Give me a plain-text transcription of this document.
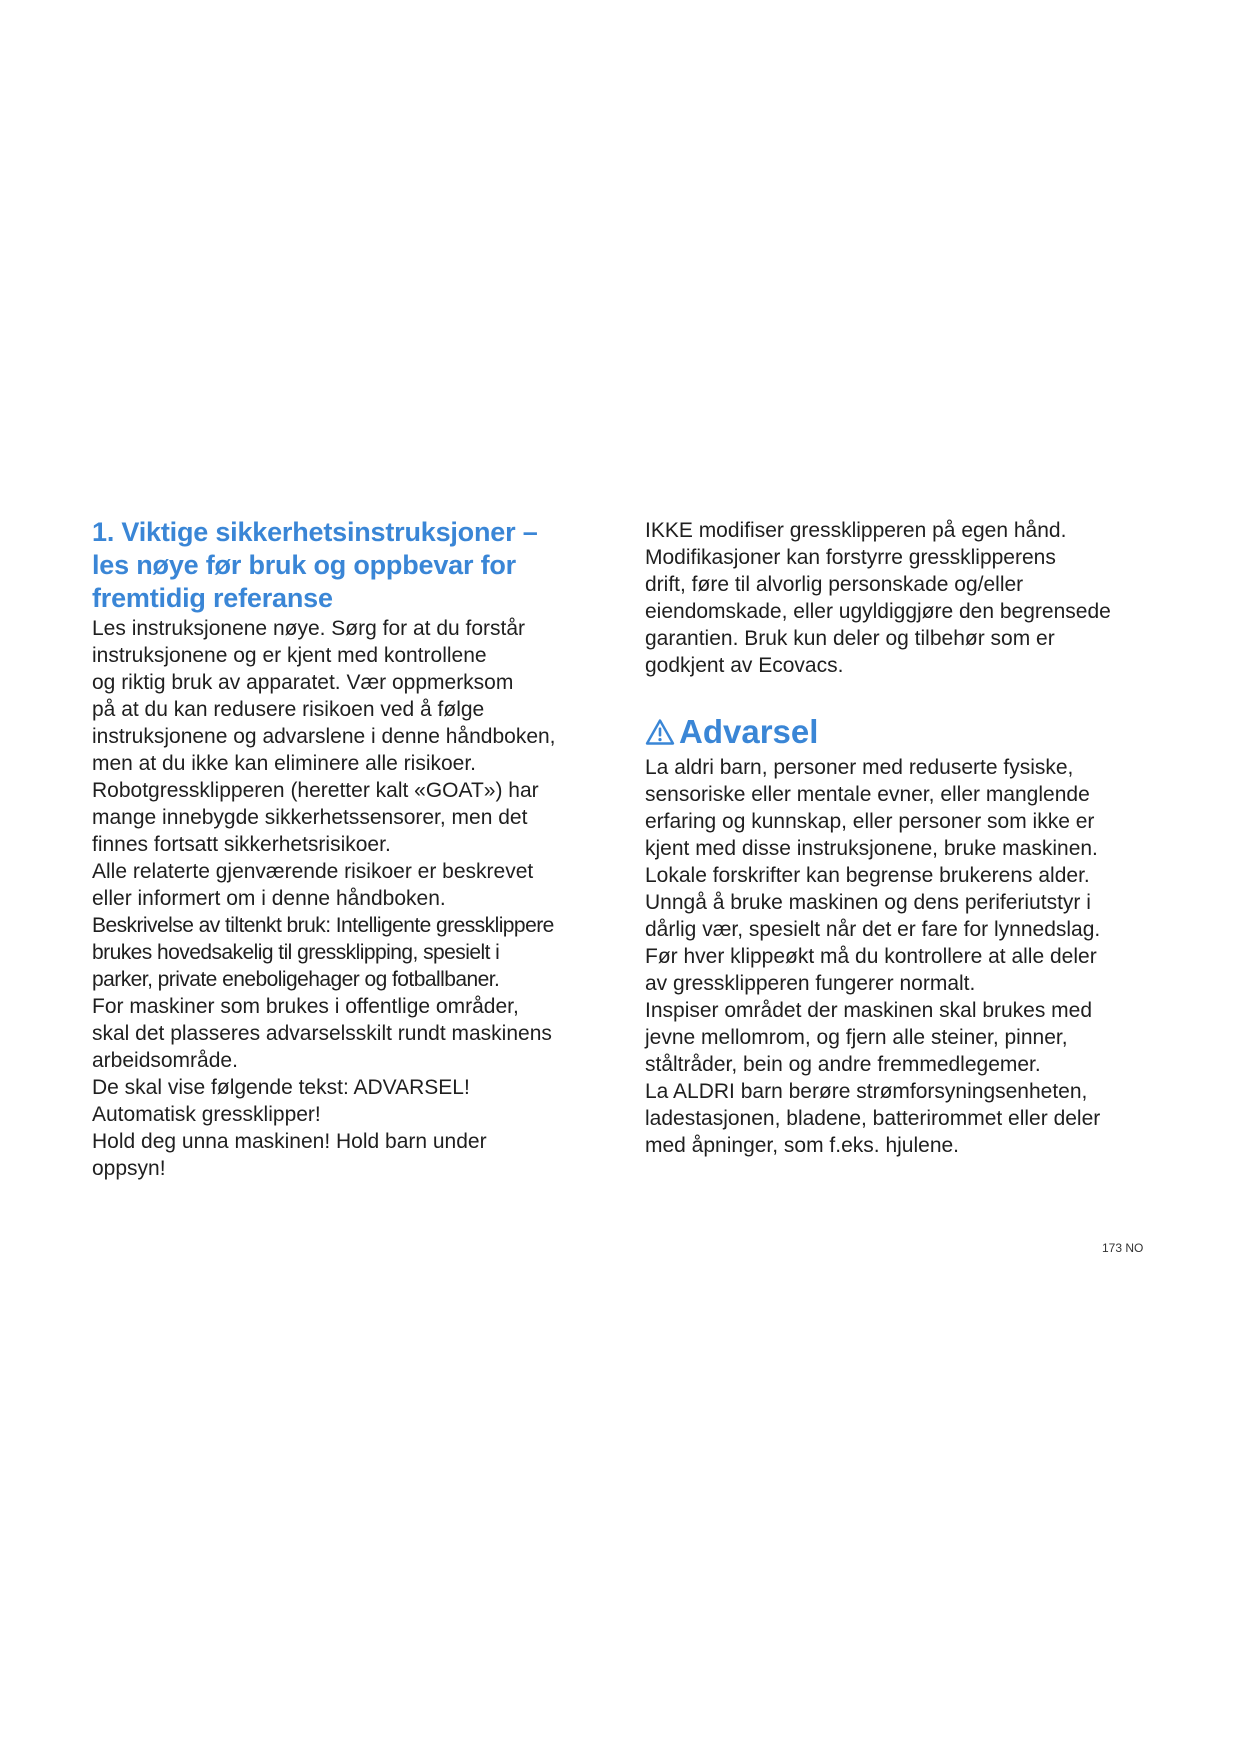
1. Viktige sikkerhetsinstruksjoner –
les nøye før bruk og oppbevar for
fremtidig referanse

Les instruksjonene nøye. Sørg for at du forstår
instruksjonene og er kjent med kontrollene
og riktig bruk av apparatet. Vær oppmerksom
på at du kan redusere risikoen ved å følge
instruksjonene og advarslene i denne håndboken,
men at du ikke kan eliminere alle risikoer.
Robotgressklipperen (heretter kalt «GOAT») har
mange innebygde sikkerhetssensorer, men det
finnes fortsatt sikkerhetsrisikoer.
Alle relaterte gjenværende risikoer er beskrevet
eller informert om i denne håndboken.

Beskrivelse av tiltenkt bruk: Intelligente gressklippere
brukes hovedsakelig til gressklipping, spesielt i
parker, private eneboligehager og fotballbaner.

For maskiner som brukes i offentlige områder,
skal det plasseres advarselsskilt rundt maskinens
arbeidsområde.
De skal vise følgende tekst: ADVARSEL!
Automatisk gressklipper!
Hold deg unna maskinen! Hold barn under
oppsyn!

IKKE modifiser gressklipperen på egen hånd.
Modifikasjoner kan forstyrre gressklipperens
drift, føre til alvorlig personskade og/eller
eiendomskade, eller ugyldiggjøre den begrensede
garantien. Bruk kun deler og tilbehør som er
godkjent av Ecovacs.

Advarsel

La aldri barn, personer med reduserte fysiske,
sensoriske eller mentale evner, eller manglende
erfaring og kunnskap, eller personer som ikke er
kjent med disse instruksjonene, bruke maskinen.
Lokale forskrifter kan begrense brukerens alder.
Unngå å bruke maskinen og dens periferiutstyr i
dårlig vær, spesielt når det er fare for lynnedslag.
Før hver klippeøkt må du kontrollere at alle deler
av gressklipperen fungerer normalt.
Inspiser området der maskinen skal brukes med
jevne mellomrom, og fjern alle steiner, pinner,
ståltråder, bein og andre fremmedlegemer.
La ALDRI barn berøre strømforsyningsenheten,
ladestasjonen, bladene, batterirommet eller deler
med åpninger, som f.eks. hjulene.

173 NO
